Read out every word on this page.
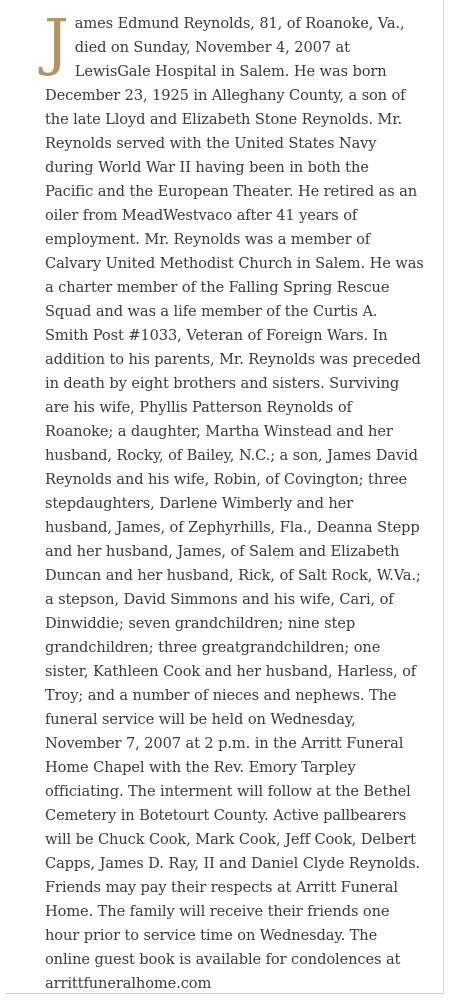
J ames Edmund Reynolds, 81, of Roanoke, Va.,
died on Sunday, November 4, 2007 at
LewisGale Hospital in Salem. He was born
December 23, 1925 in Alleghany County, a son of
the late Lloyd and Elizabeth Stone Reynolds. Mr.
Reynolds served with the United States Navy
during World War II having been in both the
Pacific and the European Theater. He retired as an
oiler from MeadWestvaco after 41 years of
employment. Mr. Reynolds was a member of
Calvary United Methodist Church in Salem. He was
a charter member of the Falling Spring Rescue
Squad and was a life member of the Curtis A.
Smith Post #1033, Veteran of Foreign Wars. In
addition to his parents, Mr. Reynolds was preceded
in death by eight brothers and sisters. Surviving
are his wife, Phyllis Patterson Reynolds of
Roanoke; a daughter, Martha Winstead and her
husband, Rocky, of Bailey, N.C.; a son, James David
Reynolds and his wife, Robin, of Covington; three
stepdaughters, Darlene Wimberly and her
husband, James, of Zephyrhills, Fla., Deanna Stepp
and her husband, James, of Salem and Elizabeth
Duncan and her husband, Rick, of Salt Rock, W.Va.;
a stepson, David Simmons and his wife, Cari, of
Dinwiddie; seven grandchildren; nine step
grandchildren; three greatgrandchildren; one
sister, Kathleen Cook and her husband, Harless, of
Troy; and a number of nieces and nephews. The
funeral service will be held on Wednesday,
November 7, 2007 at 2 p.m. in the Arritt Funeral
Home Chapel with the Rev. Emory Tarpley
officiating. The interment will follow at the Bethel
Cemetery in Botetourt County. Active pallbearers
will be Chuck Cook, Mark Cook, Jeff Cook, Delbert
Capps, James D. Ray, II and Daniel Clyde Reynolds.
Friends may pay their respects at Arritt Funeral
Home. The family will receive their friends one
hour prior to service time on Wednesday. The
online guest book is available for condolences at
arrittfuneralhome.com
